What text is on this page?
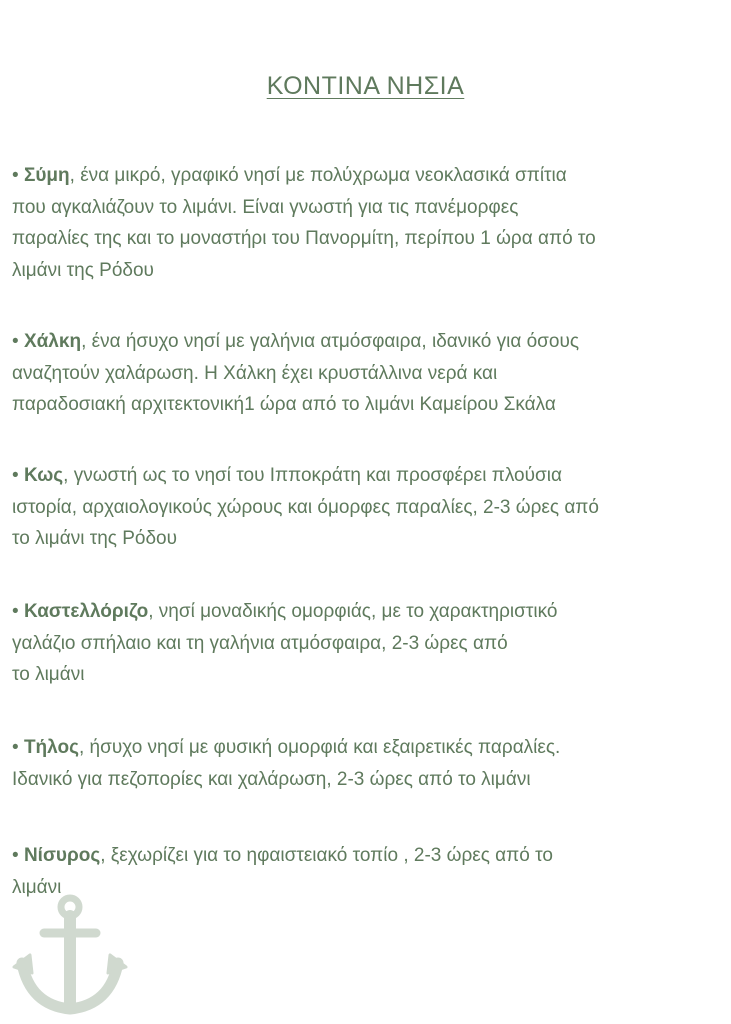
ΚΟΝΤΙΝΑ ΝΗΣΙΑ
• Σύμη, ένα μικρό, γραφικό νησί με πολύχρωμα νεοκλασικά σπίτια
που αγκαλιάζουν το λιμάνι. Είναι γνωστή για τις πανέμορφες
παραλίες της και το μοναστήρι του Πανορμίτη, περίπου 1 ώρα από το
λιμάνι της Ρόδου
• Χάλκη, ένα ήσυχο νησί με γαλήνια ατμόσφαιρα, ιδανικό για όσους
αναζητούν χαλάρωση. Η Χάλκη έχει κρυστάλλινα νερά και
παραδοσιακή αρχιτεκτονική1 ώρα από το λιμάνι Καμείρου Σκάλα
• Κως, γνωστή ως το νησί του Ιπποκράτη και προσφέρει πλούσια
ιστορία, αρχαιολογικούς χώρους και όμορφες παραλίες, 2-3 ώρες από
το λιμάνι της Ρόδου
• Καστελλόριζο, νησί μοναδικής ομορφιάς, με το χαρακτηριστικό
γαλάζιο σπήλαιο και τη γαλήνια ατμόσφαιρα, 2-3 ώρες από
το λιμάνι
• Τήλος, ήσυχο νησί με φυσική ομορφιά και εξαιρετικές παραλίες.
Ιδανικό για πεζοπορίες και χαλάρωση, 2-3 ώρες από το λιμάνι
• Νίσυρος, ξεχωρίζει για το ηφαιστειακό τοπίο , 2-3 ώρες από το
λιμάνι
